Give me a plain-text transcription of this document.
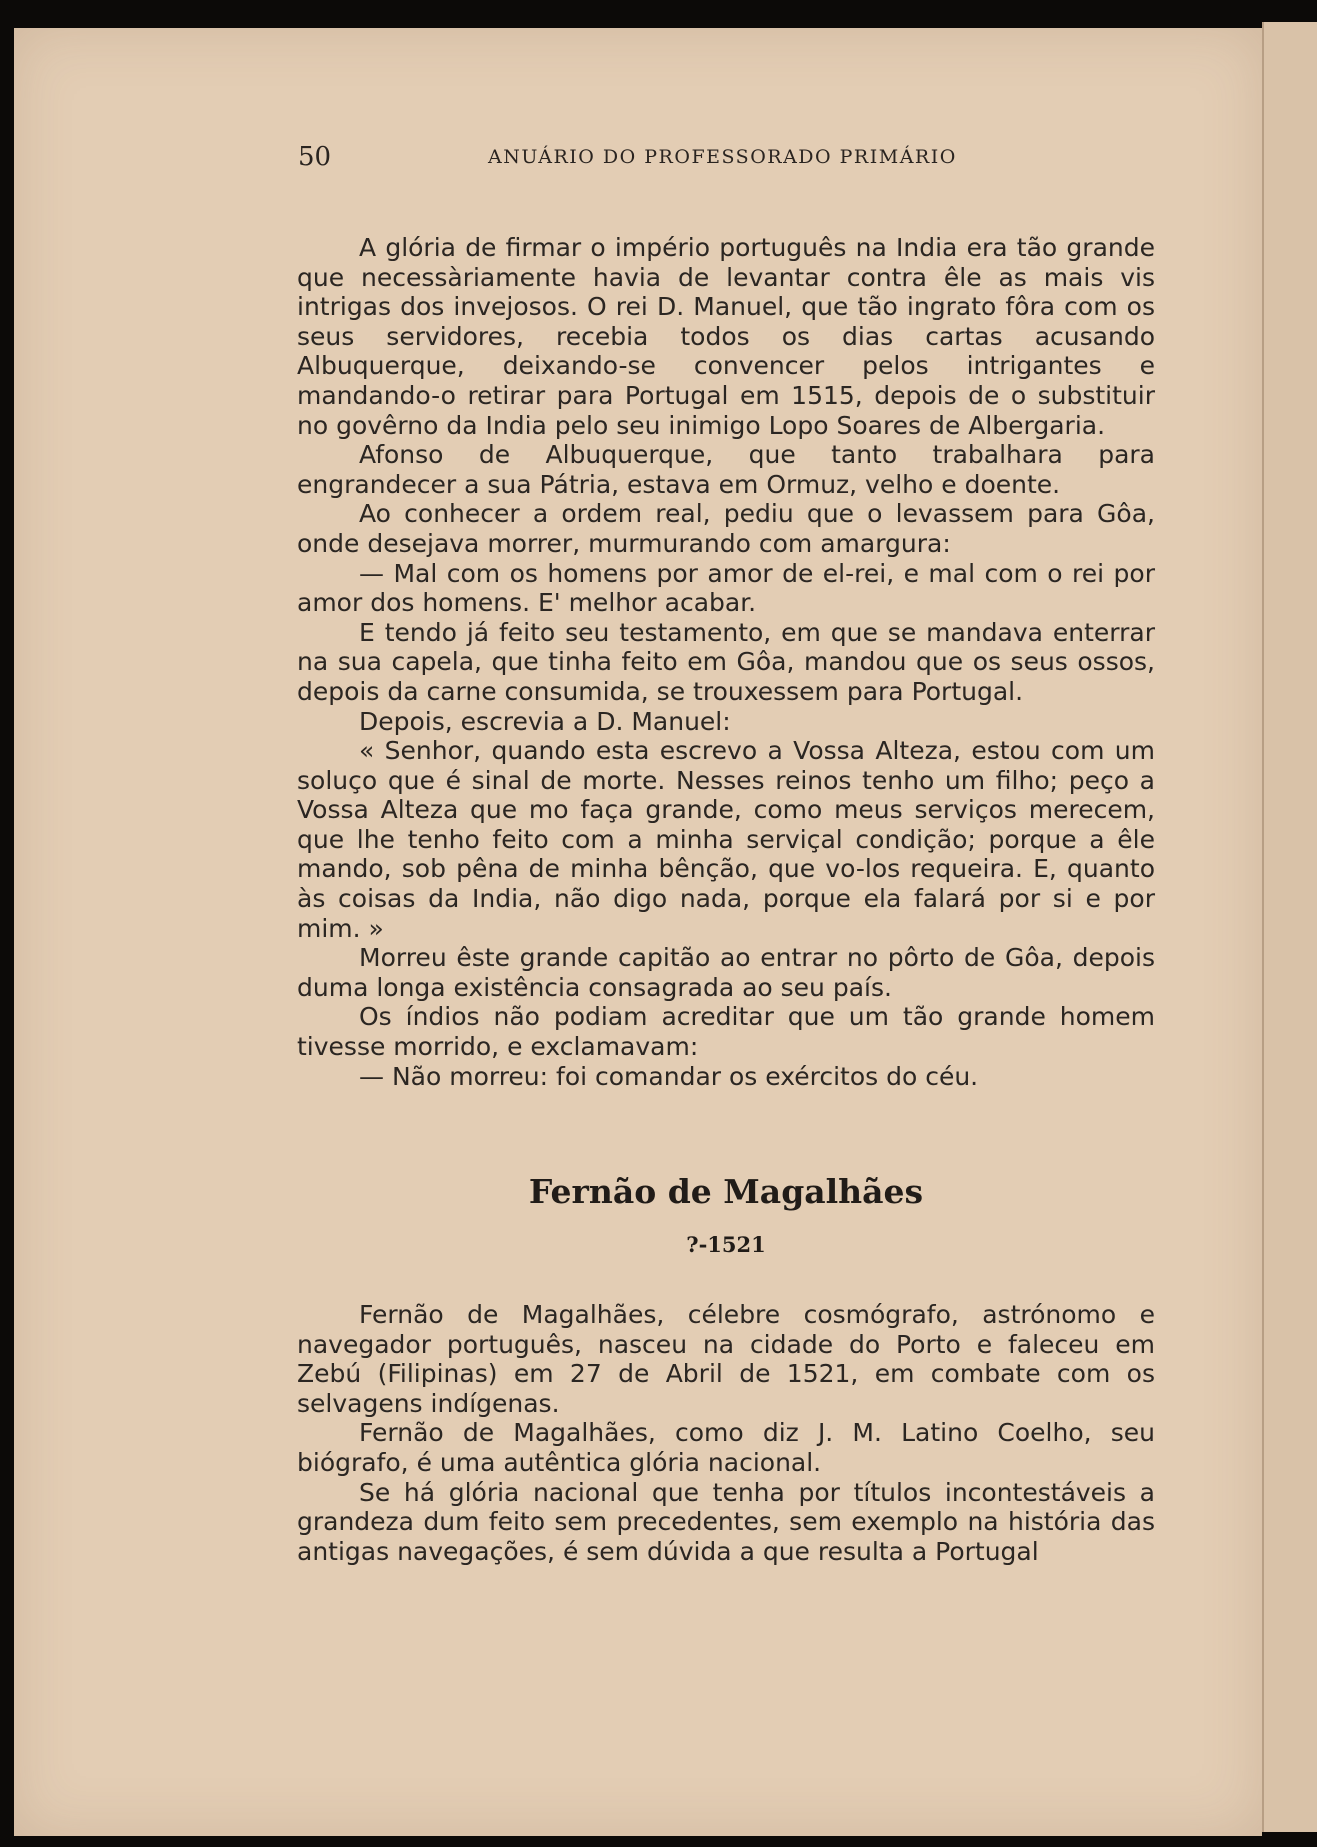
50	ANUÁRIO DO PROFESSORADO PRIMÁRIO

A glória de firmar o império português na India era tão grande que necessàriamente havia de levantar contra êle as mais vis intrigas dos invejosos. O rei D. Manuel, que tão ingrato fôra com os seus servidores, recebia todos os dias cartas acusando Albuquerque, deixando-se convencer pelos intrigantes e mandando-o retirar para Portugal em 1515, depois de o substituir no govêrno da India pelo seu inimigo Lopo Soares de Albergaria.

Afonso de Albuquerque, que tanto trabalhara para engrandecer a sua Pátria, estava em Ormuz, velho e doente.

Ao conhecer a ordem real, pediu que o levassem para Gôa, onde desejava morrer, murmurando com amargura:

— Mal com os homens por amor de el-rei, e mal com o rei por amor dos homens. E' melhor acabar.

E tendo já feito seu testamento, em que se mandava enterrar na sua capela, que tinha feito em Gôa, mandou que os seus ossos, depois da carne consumida, se trouxessem para Portugal.

Depois, escrevia a D. Manuel:

« Senhor, quando esta escrevo a Vossa Alteza, estou com um soluço que é sinal de morte. Nesses reinos tenho um filho; peço a Vossa Alteza que mo faça grande, como meus serviços merecem, que lhe tenho feito com a minha serviçal condição; porque a êle mando, sob pêna de minha bênção, que vo-los requeira. E, quanto às coisas da India, não digo nada, porque ela falará por si e por mim. »

Morreu êste grande capitão ao entrar no pôrto de Gôa, depois duma longa existência consagrada ao seu país.

Os índios não podiam acreditar que um tão grande homem tivesse morrido, e exclamavam:

— Não morreu: foi comandar os exércitos do céu.

Fernão de Magalhães
?-1521

Fernão de Magalhães, célebre cosmógrafo, astrónomo e navegador português, nasceu na cidade do Porto e faleceu em Zebú (Filipinas) em 27 de Abril de 1521, em combate com os selvagens indígenas.

Fernão de Magalhães, como diz J. M. Latino Coelho, seu biógrafo, é uma autêntica glória nacional.

Se há glória nacional que tenha por títulos incontestáveis a grandeza dum feito sem precedentes, sem exemplo na história das antigas navegações, é sem dúvida a que resulta a Portugal
